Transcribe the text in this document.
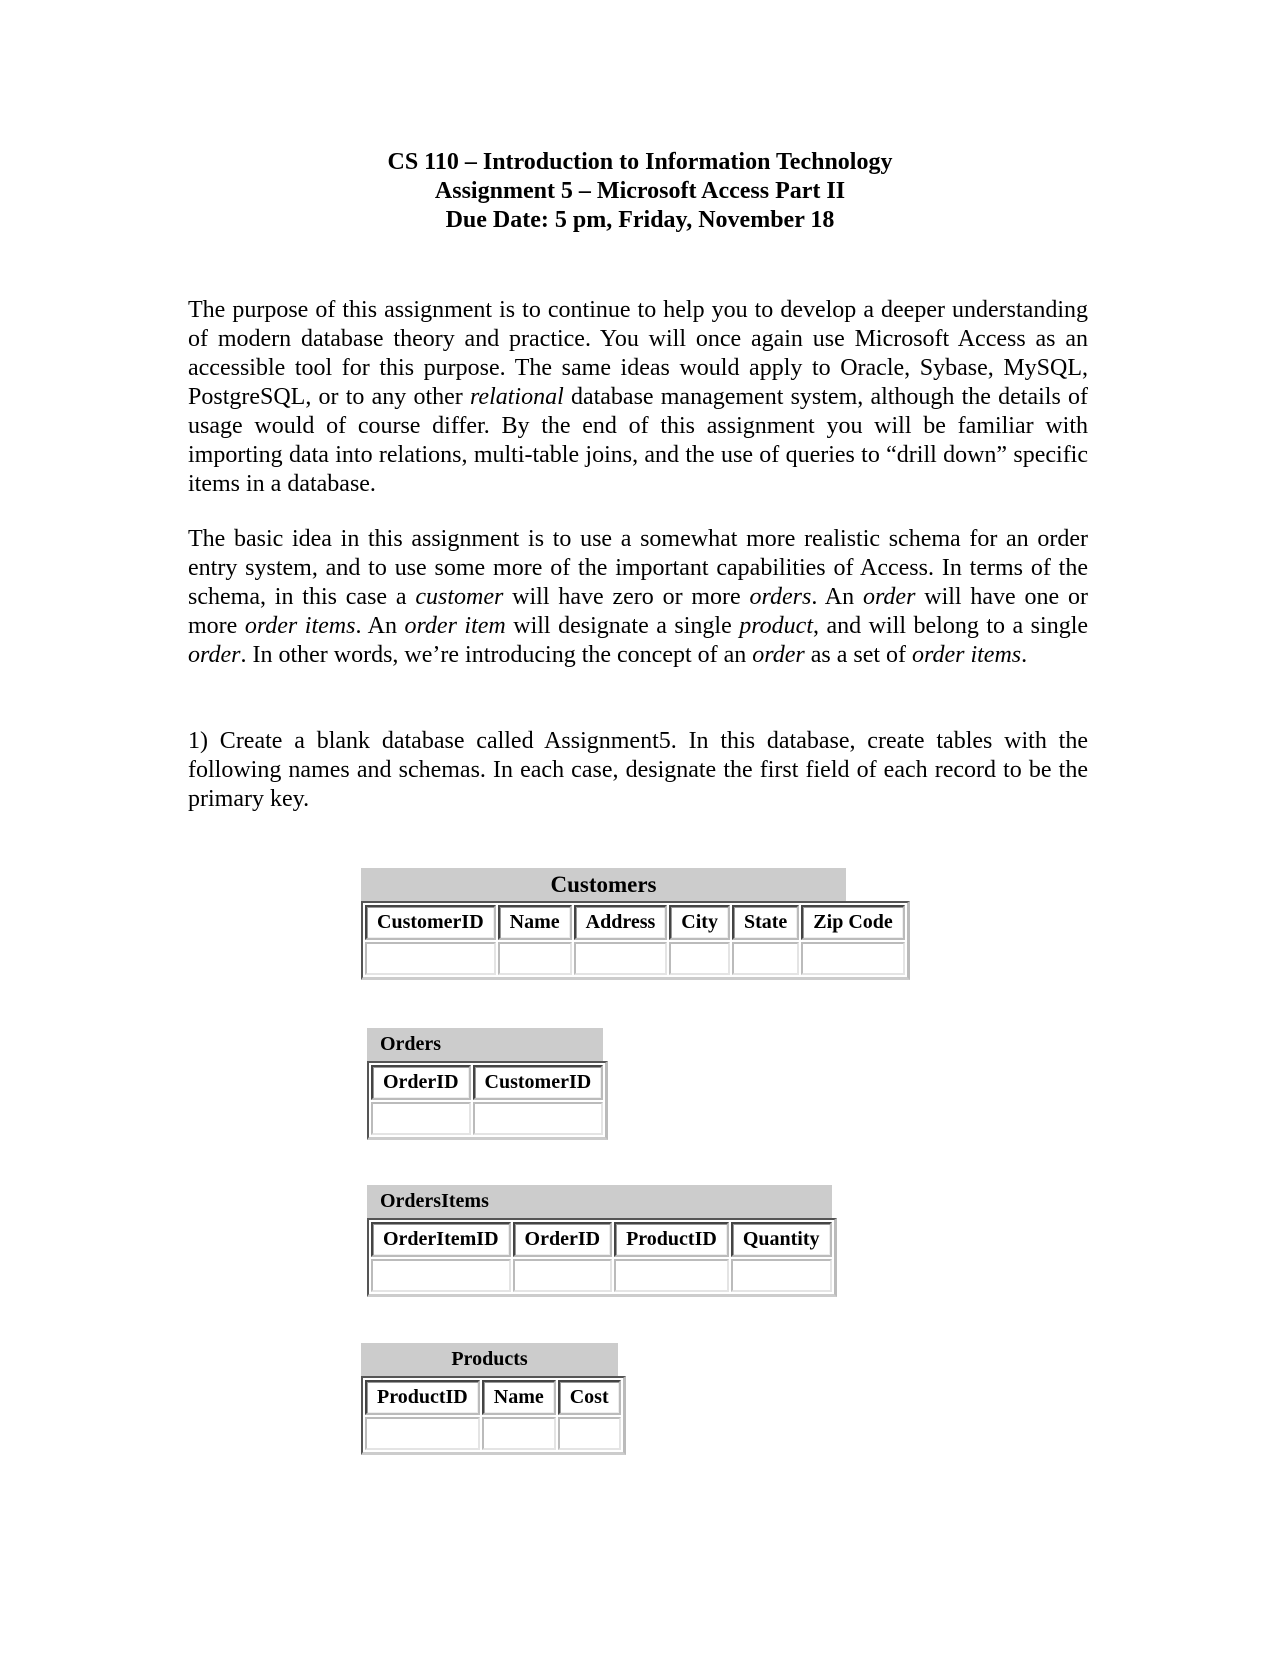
CS 110 – Introduction to Information Technology
Assignment 5 – Microsoft Access Part II
Due Date: 5 pm, Friday, November 18

The purpose of this assignment is to continue to help you to develop a deeper understanding of modern database theory and practice. You will once again use Microsoft Access as an accessible tool for this purpose. The same ideas would apply to Oracle, Sybase, MySQL, PostgreSQL, or to any other relational database management system, although the details of usage would of course differ. By the end of this assignment you will be familiar with importing data into relations, multi-table joins, and the use of queries to “drill down” specific items in a database.

The basic idea in this assignment is to use a somewhat more realistic schema for an order entry system, and to use some more of the important capabilities of Access. In terms of the schema, in this case a customer will have zero or more orders. An order will have one or more order items. An order item will designate a single product, and will belong to a single order. In other words, we’re introducing the concept of an order as a set of order items.

1) Create a blank database called Assignment5. In this database, create tables with the following names and schemas. In each case, designate the first field of each record to be the primary key.

Customers
CustomerID	Name	Address	City	State	Zip Code

Orders
OrderID	CustomerID

OrdersItems
OrderItemID	OrderID	ProductID	Quantity

Products
ProductID	Name	Cost
